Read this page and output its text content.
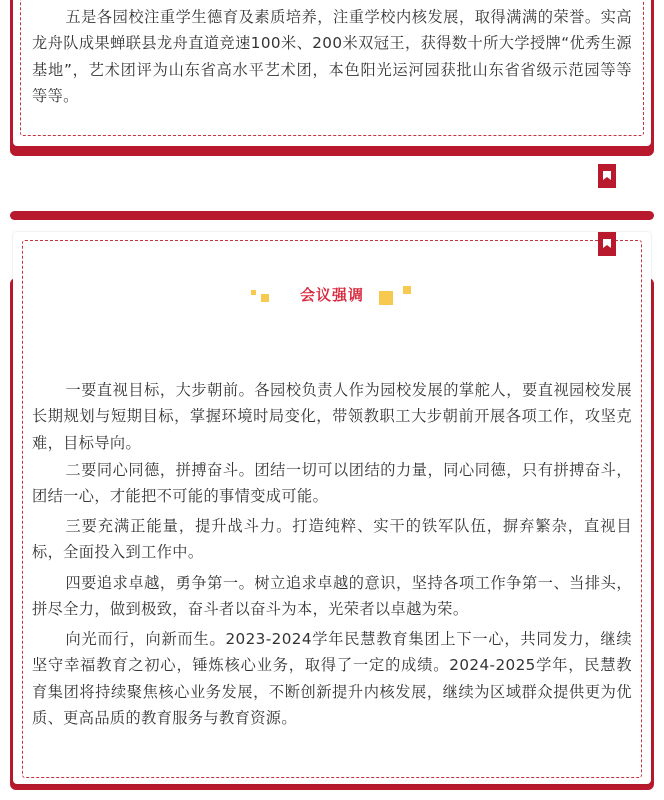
五是各园校注重学生德育及素质培养，注重学校内核发展，取得满满的荣誉。实高龙舟队成果蝉联县龙舟直道竞速100米、200米双冠王，获得数十所大学授牌“优秀生源基地”，艺术团评为山东省高水平艺术团，本色阳光运河园获批山东省省级示范园等等等等。

会议强调

一要直视目标，大步朝前。各园校负责人作为园校发展的掌舵人，要直视园校发展长期规划与短期目标，掌握环境时局变化，带领教职工大步朝前开展各项工作，攻坚克难，目标导向。

二要同心同德，拼搏奋斗。团结一切可以团结的力量，同心同德，只有拼搏奋斗，团结一心，才能把不可能的事情变成可能。

三要充满正能量，提升战斗力。打造纯粹、实干的铁军队伍，摒弃繁杂，直视目标，全面投入到工作中。

四要追求卓越，勇争第一。树立追求卓越的意识，坚持各项工作争第一、当排头，拼尽全力，做到极致，奋斗者以奋斗为本，光荣者以卓越为荣。

向光而行，向新而生。2023-2024学年民慧教育集团上下一心，共同发力，继续坚守幸福教育之初心，锤炼核心业务，取得了一定的成绩。2024-2025学年，民慧教育集团将持续聚焦核心业务发展，不断创新提升内核发展，继续为区域群众提供更为优质、更高品质的教育服务与教育资源。
